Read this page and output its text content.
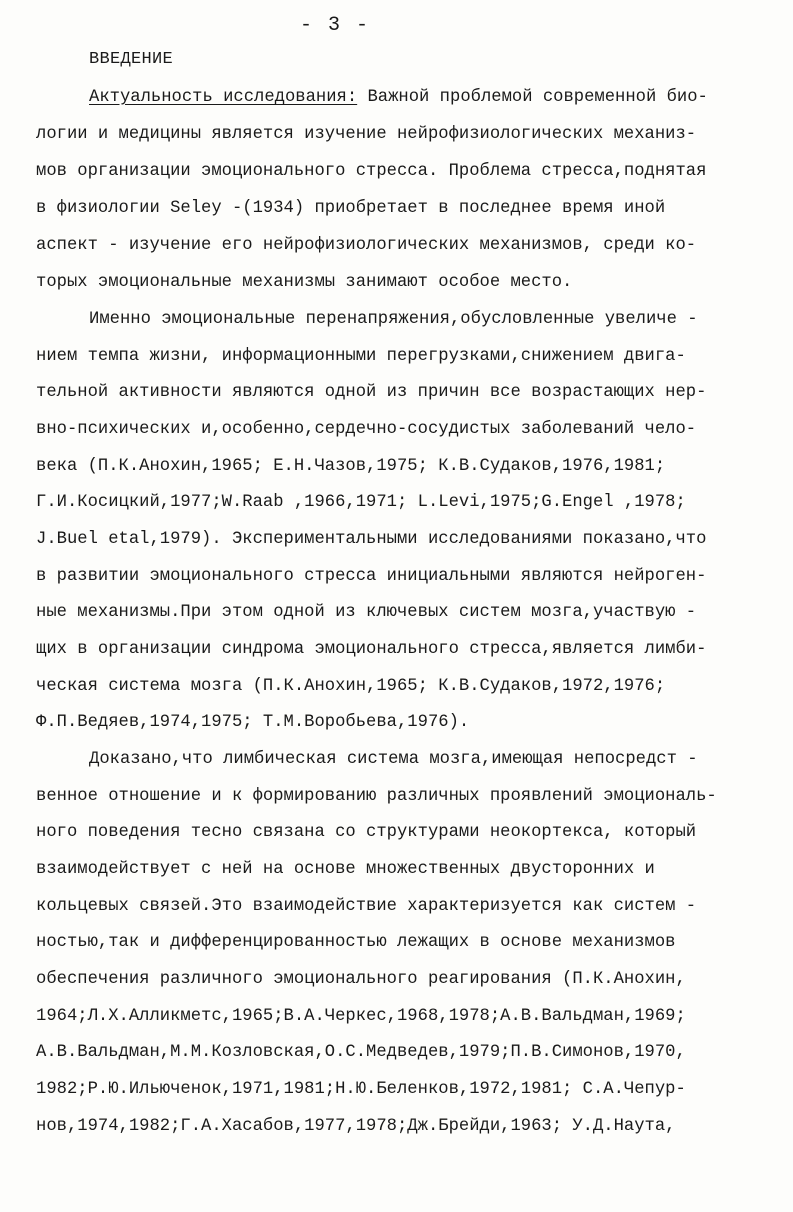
- 3 -
ВВЕДЕНИЕ
Актуальность исследования: Важной проблемой современной био-
логии и медицины является изучение нейрофизиологических механиз-
мов организации эмоционального стресса. Проблема стресса,поднятая
в физиологии Seley -(1934) приобретает в последнее время иной
аспект - изучение его нейрофизиологических механизмов, среди ко-
торых эмоциональные механизмы занимают особое место.
Именно эмоциональные перенапряжения,обусловленные увеличе -
нием темпа жизни, информационными перегрузками,снижением двига-
тельной активности являются одной из причин все возрастающих нер-
вно-психических и,особенно,сердечно-сосудистых заболеваний чело-
века (П.К.Анохин,1965; Е.Н.Чазов,1975; К.В.Судаков,1976,1981;
Г.И.Косицкий,1977;W.Raab ,1966,1971; L.Levi,1975;G.Engel ,1978;
J.Buel etal,1979). Экспериментальными исследованиями показано,что
в развитии эмоционального стресса инициальными являются нейроген-
ные механизмы.При этом одной из ключевых систем мозга,участвую -
щих в организации синдрома эмоционального стресса,является лимби-
ческая система мозга (П.К.Анохин,1965; К.В.Судаков,1972,1976;
Ф.П.Ведяев,1974,1975; Т.М.Воробьева,1976).
Доказано,что лимбическая система мозга,имеющая непосредст -
венное отношение и к формированию различных проявлений эмоциональ-
ного поведения тесно связана со структурами неокортекса, который
взаимодействует с ней на основе множественных двусторонних и
кольцевых связей.Это взаимодействие характеризуется как систем -
ностью,так и дифференцированностью лежащих в основе механизмов
обеспечения различного эмоционального реагирования (П.К.Анохин,
1964;Л.Х.Алликметс,1965;В.А.Черкес,1968,1978;А.В.Вальдман,1969;
А.В.Вальдман,М.М.Козловская,О.С.Медведев,1979;П.В.Симонов,1970,
1982;Р.Ю.Ильюченок,1971,1981;Н.Ю.Беленков,1972,1981; С.А.Чепур-
нов,1974,1982;Г.А.Хасабов,1977,1978;Дж.Брейди,1963; У.Д.Наута,
